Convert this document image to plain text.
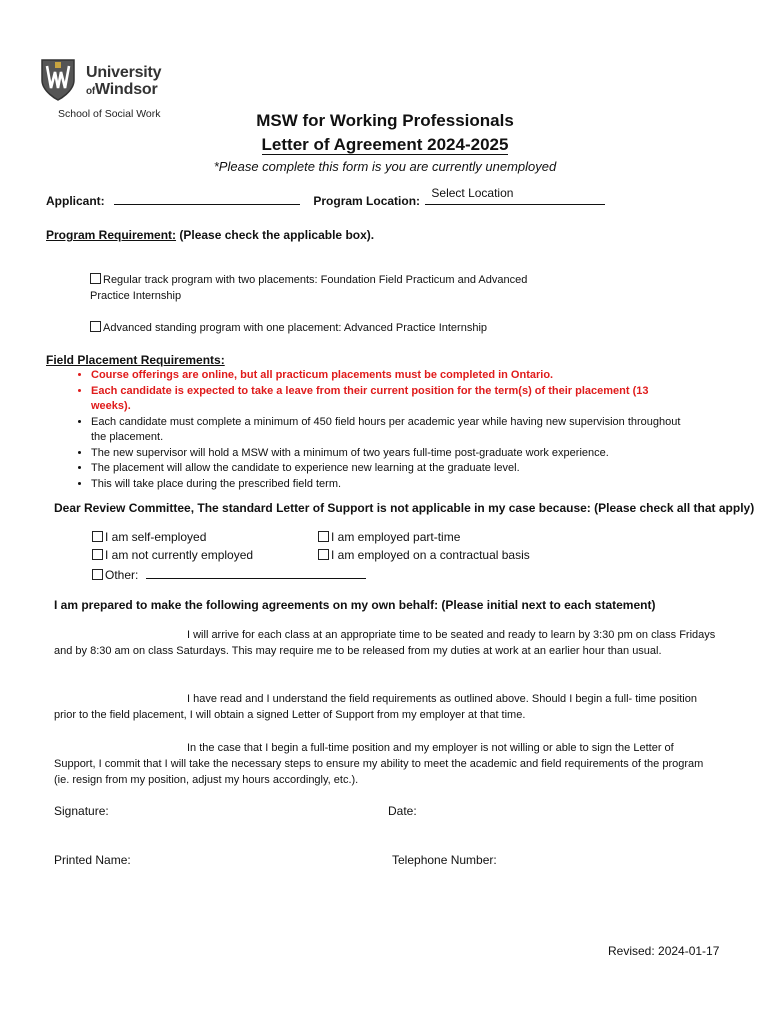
University
ofWindsor
School of Social Work	MSW for Working Professionals
Letter of Agreement 2024-2025
*Please complete this form is you are currently unemployed
Applicant:	Program Location:
Select Location
Program Requirement: (Please check the applicable box).
Regular track program with two placements: Foundation Field Practicum and Advanced
Practice Internship
Advanced standing program with one placement: Advanced Practice Internship
Field Placement Requirements:
• Course offerings are online, but all practicum placements must be completed in Ontario.
• Each candidate is expected to take a leave from their current position for the term(s) of their placement (13 weeks).
• Each candidate must complete a minimum of 450 field hours per academic year while having new supervision throughout the placement.
• The new supervisor will hold a MSW with a minimum of two years full-time post-graduate work experience.
• The placement will allow the candidate to experience new learning at the graduate level.
• This will take place during the prescribed field term.
Dear Review Committee, The standard Letter of Support is not applicable in my case because: (Please check all that apply)
I am self-employed	I am employed part-time
I am not currently employed	I am employed on a contractual basis
Other:
I am prepared to make the following agreements on my own behalf: (Please initial next to each statement)
I will arrive for each class at an appropriate time to be seated and ready to learn by 3:30 pm on class Fridays and by 8:30 am on class Saturdays. This may require me to be released from my duties at work at an earlier hour than usual.
I have read and I understand the field requirements as outlined above. Should I begin a full- time position prior to the field placement, I will obtain a signed Letter of Support from my employer at that time.
In the case that I begin a full-time position and my employer is not willing or able to sign the Letter of Support, I commit that I will take the necessary steps to ensure my ability to meet the academic and field requirements of the program (ie. resign from my position, adjust my hours accordingly, etc.).
Signature:	Date:
Printed Name:	Telephone Number:
Revised: 2024-01-17
